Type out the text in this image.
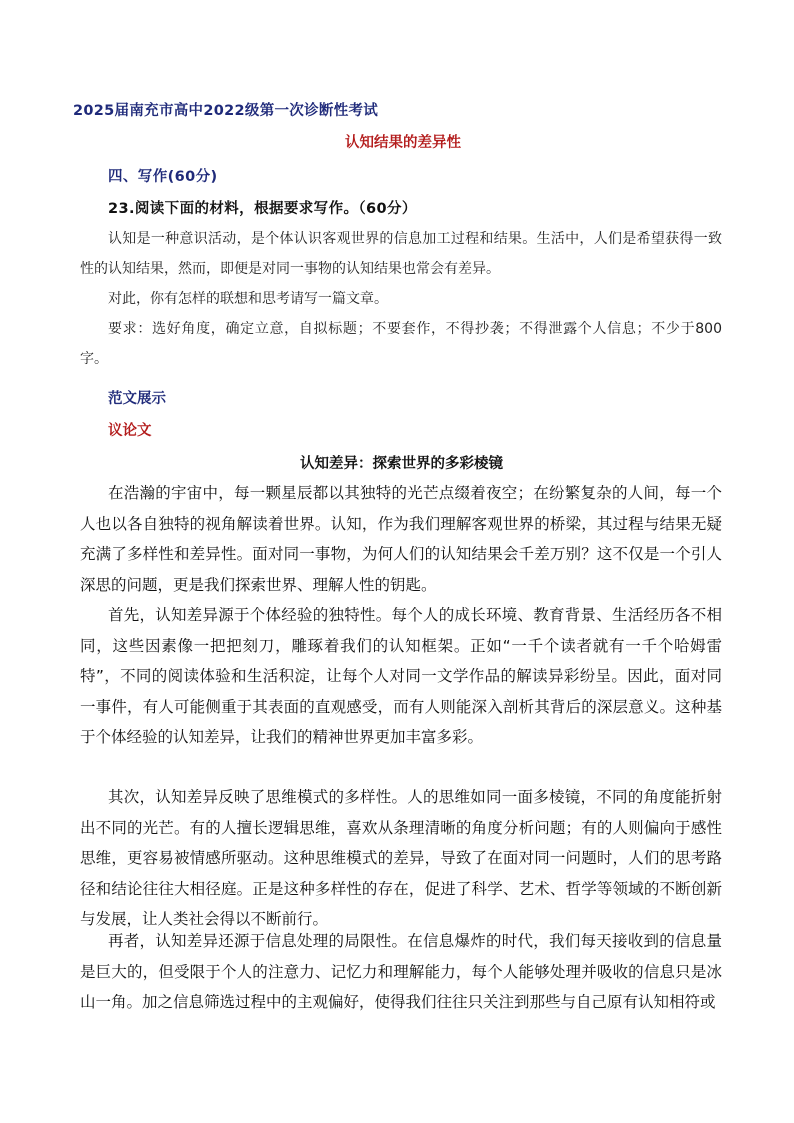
2025届南充市高中2022级第一次诊断性考试
认知结果的差异性
四、写作(60分)
23.阅读下面的材料，根据要求写作。（60分）
认知是一种意识活动，是个体认识客观世界的信息加工过程和结果。生活中，人们是希望获得一致性的认知结果，然而，即便是对同一事物的认知结果也常会有差异。
对此，你有怎样的联想和思考请写一篇文章。
要求：选好角度，确定立意，自拟标题；不要套作，不得抄袭；不得泄露个人信息；不少于800字。
范文展示
议论文
认知差异：探索世界的多彩棱镜
在浩瀚的宇宙中，每一颗星辰都以其独特的光芒点缀着夜空；在纷繁复杂的人间，每一个人也以各自独特的视角解读着世界。认知，作为我们理解客观世界的桥梁，其过程与结果无疑充满了多样性和差异性。面对同一事物，为何人们的认知结果会千差万别？这不仅是一个引人深思的问题，更是我们探索世界、理解人性的钥匙。
首先，认知差异源于个体经验的独特性。每个人的成长环境、教育背景、生活经历各不相同，这些因素像一把把刻刀，雕琢着我们的认知框架。正如“一千个读者就有一千个哈姆雷特”，不同的阅读体验和生活积淀，让每个人对同一文学作品的解读异彩纷呈。因此，面对同一事件，有人可能侧重于其表面的直观感受，而有人则能深入剖析其背后的深层意义。这种基于个体经验的认知差异，让我们的精神世界更加丰富多彩。
其次，认知差异反映了思维模式的多样性。人的思维如同一面多棱镜，不同的角度能折射出不同的光芒。有的人擅长逻辑思维，喜欢从条理清晰的角度分析问题；有的人则偏向于感性思维，更容易被情感所驱动。这种思维模式的差异，导致了在面对同一问题时，人们的思考路径和结论往往大相径庭。正是这种多样性的存在，促进了科学、艺术、哲学等领域的不断创新与发展，让人类社会得以不断前行。
再者，认知差异还源于信息处理的局限性。在信息爆炸的时代，我们每天接收到的信息量是巨大的，但受限于个人的注意力、记忆力和理解能力，每个人能够处理并吸收的信息只是冰山一角。加之信息筛选过程中的主观偏好，使得我们往往只关注到那些与自己原有认知相符或
